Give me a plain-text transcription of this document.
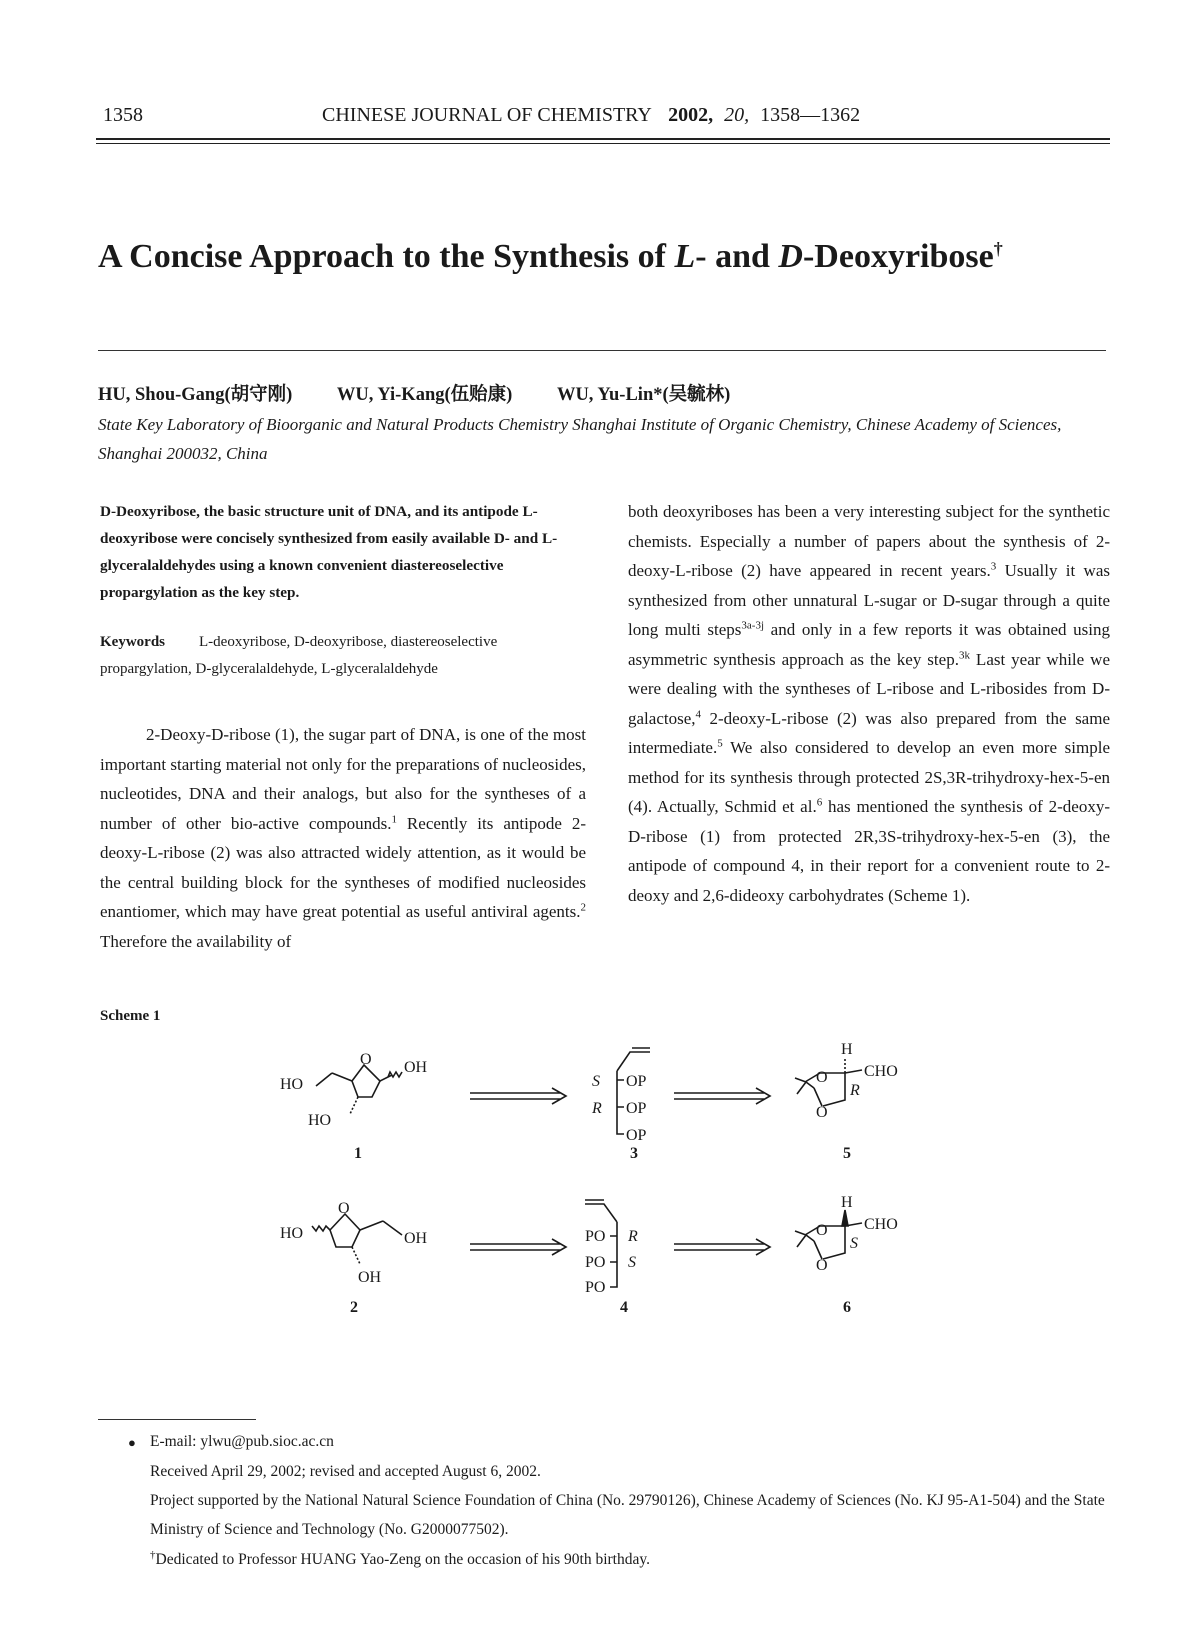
1358	CHINESE JOURNAL OF CHEMISTRY 2002, 20, 1358—1362
A Concise Approach to the Synthesis of L- and D-Deoxyribose†
HU, Shou-Gang(胡守刚) WU, Yi-Kang(伍贻康) WU, Yu-Lin*(吴毓林)
State Key Laboratory of Bioorganic and Natural Products Chemistry Shanghai Institute of Organic Chemistry, Chinese Academy of Sciences, Shanghai 200032, China
D-Deoxyribose, the basic structure unit of DNA, and its antipode L-deoxyribose were concisely synthesized from easily available D- and L-glyceralaldehydes using a known convenient diastereoselective propargylation as the key step.
Keywords L-deoxyribose, D-deoxyribose, diastereoselective propargylation, D-glyceralaldehyde, L-glyceralaldehyde
2-Deoxy-D-ribose (1), the sugar part of DNA, is one of the most important starting material not only for the preparations of nucleosides, nucleotides, DNA and their analogs, but also for the syntheses of a number of other bio-active compounds.$^1$ Recently its antipode 2-deoxy-L-ribose (2) was also attracted widely attention, as it would be the central building block for the syntheses of modified nucleosides enantiomer, which may have great potential as useful antiviral agents.$^2$ Therefore the availability of
both deoxyriboses has been a very interesting subject for the synthetic chemists. Especially a number of papers about the synthesis of 2-deoxy-L-ribose (2) have appeared in recent years.$^3$ Usually it was synthesized from other unnatural L-sugar or D-sugar through a quite long multi steps$^{3a-3j}$ and only in a few reports it was obtained using asymmetric synthesis approach as the key step.$^{3k}$ Last year while we were dealing with the syntheses of L-ribose and L-ribosides from D-galactose,$^4$ 2-deoxy-L-ribose (2) was also prepared from the same intermediate.$^5$ We also considered to develop an even more simple method for its synthesis through protected 2S,3R-trihydroxy-hex-5-en (4). Actually, Schmid et al.$^6$ has mentioned the synthesis of 2-deoxy-D-ribose (1) from protected 2R,3S-trihydroxy-hex-5-en (3), the antipode of compound 4, in their report for a convenient route to 2-deoxy and 2,6-dideoxy carbohydrates (Scheme 1).
Scheme 1
HO
O OH
HO
1
S OP
R OP
OP
3
H
O CHO
R
O
5
HO
O
OH
OH
2
PO R
PO S
PO
4
H
O CHO
S
O
6
● E-mail: ylwu@pub.sioc.ac.cn
Received April 29, 2002; revised and accepted August 6, 2002.
Project supported by the National Natural Science Foundation of China (No. 29790126), Chinese Academy of Sciences (No. KJ 95-A1-504) and the State Ministry of Science and Technology (No. G2000077502).
†Dedicated to Professor HUANG Yao-Zeng on the occasion of his 90th birthday.
